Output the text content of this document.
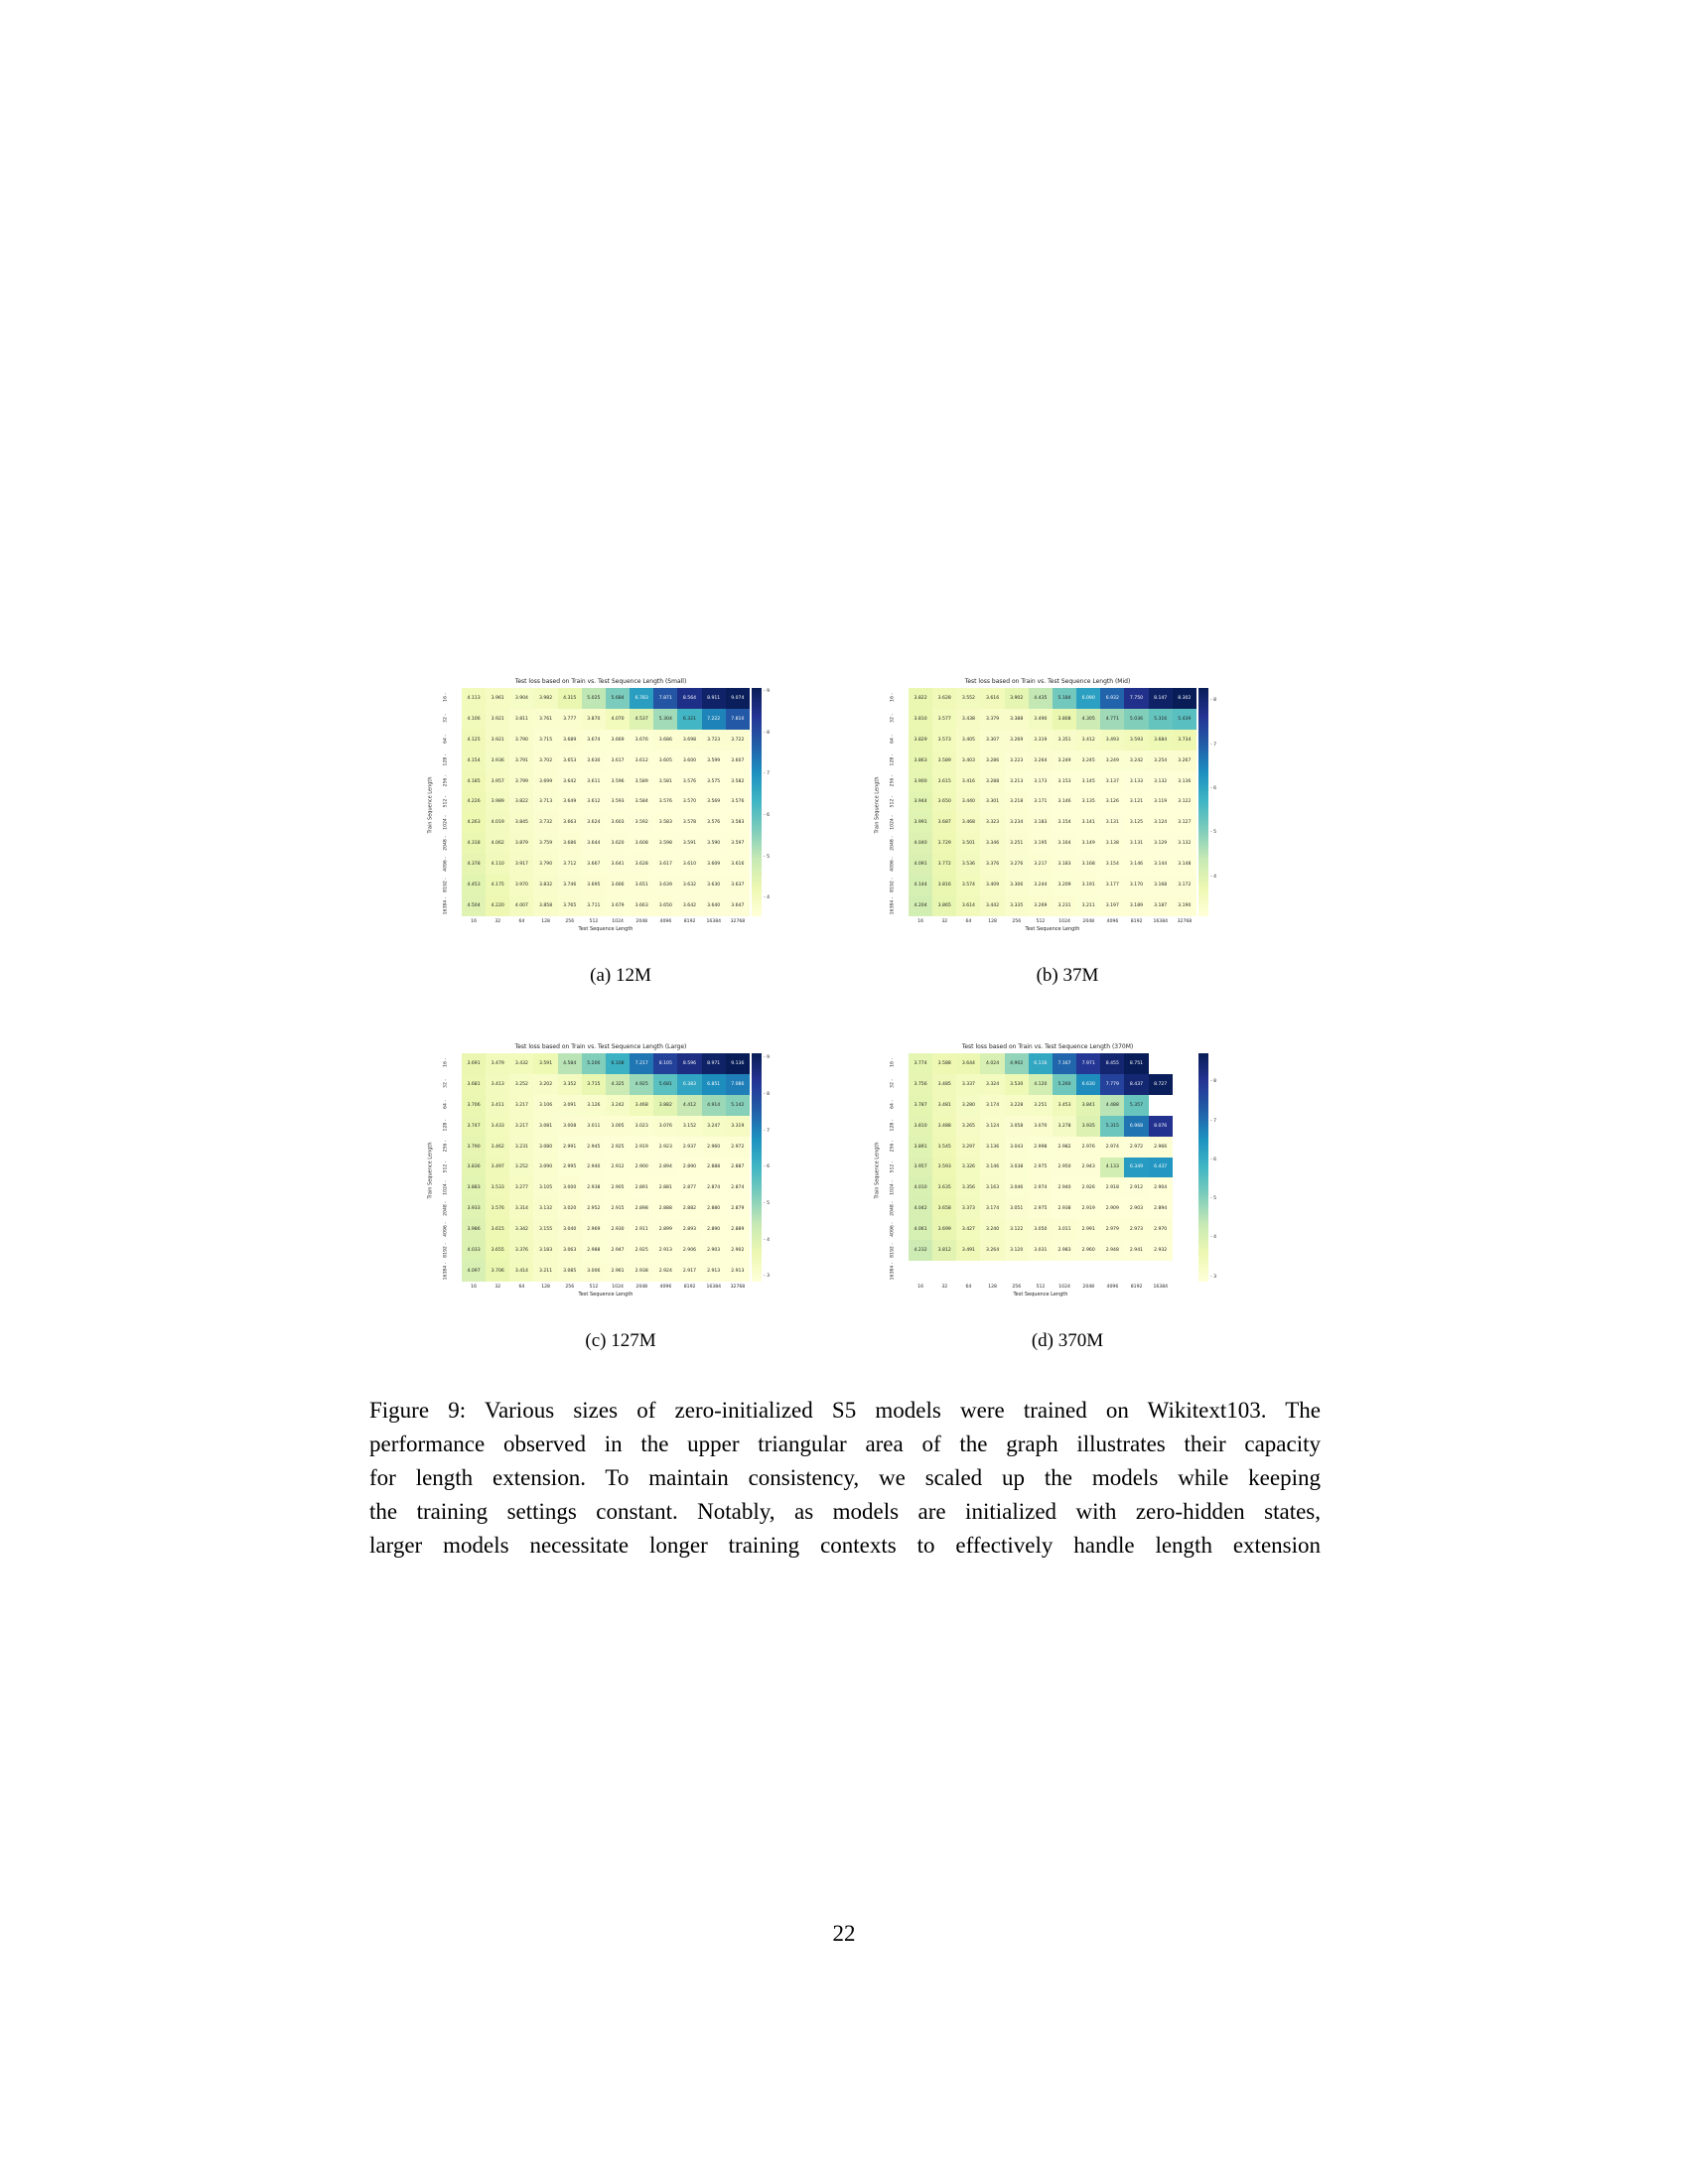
Test loss based on Train vs. Test Sequence Length (Small)
4.113	3.961	3.904	3.982	4.315	5.025	5.684	6.783	7.871	8.564	8.911	9.074
4.106	3.921	3.811	3.761	3.777	3.870	4.070	4.537	5.304	6.321	7.222	7.810
4.125	3.921	3.790	3.715	3.689	3.674	3.669	3.676	3.686	3.698	3.723	3.722
4.154	3.936	3.791	3.702	3.653	3.630	3.617	3.612	3.605	3.600	3.599	3.607
4.185	3.957	3.799	3.699	3.642	3.611	3.596	3.589	3.581	3.576	3.575	3.582
4.226	3.989	3.822	3.713	3.649	3.612	3.593	3.584	3.576	3.570	3.569	3.576
4.263	4.019	3.845	3.732	3.663	3.624	3.603	3.592	3.583	3.578	3.576	3.583
4.318	4.062	3.879	3.759	3.686	3.644	3.620	3.608	3.598	3.591	3.590	3.597
4.378	4.110	3.917	3.790	3.712	3.667	3.641	3.628	3.617	3.610	3.609	3.616
4.453	4.175	3.970	3.832	3.746	3.695	3.666	3.651	3.639	3.632	3.630	3.637
4.504	4.220	4.007	3.858	3.765	3.711	3.679	3.663	3.650	3.642	3.640	3.647
16 -
32 -
64 -
128 -
256 -
512 -
1024 -
2048 -
4096 -
8192 -
16384 -
16	32	64	128	256	512	1024	2048	4096	8192	16384	32768
Test Sequence Length
Train Sequence Length
- 4
- 5
- 6
- 7
- 8
- 9
Test loss based on Train vs. Test Sequence Length (Mid)
3.822	3.628	3.552	3.616	3.902	4.435	5.184	6.090	6.932	7.750	8.147	8.302
3.810	3.577	3.438	3.379	3.388	3.490	3.808	4.305	4.771	5.036	5.316	5.439
3.829	3.573	3.405	3.307	3.269	3.319	3.351	3.412	3.493	3.593	3.684	3.734
3.863	3.589	3.403	3.286	3.223	3.264	3.249	3.245	3.249	3.242	3.254	3.267
3.900	3.615	3.416	3.288	3.213	3.173	3.153	3.145	3.137	3.133	3.132	3.136
3.944	3.650	3.440	3.301	3.218	3.171	3.146	3.135	3.126	3.121	3.119	3.122
3.991	3.687	3.468	3.323	3.234	3.183	3.154	3.141	3.131	3.125	3.124	3.127
4.040	3.729	3.501	3.346	3.251	3.195	3.164	3.149	3.138	3.131	3.129	3.132
4.091	3.772	3.536	3.376	3.276	3.217	3.183	3.168	3.154	3.146	3.144	3.148
4.144	3.816	3.574	3.409	3.306	3.244	3.209	3.191	3.177	3.170	3.168	3.172
4.204	3.865	3.614	3.442	3.335	3.269	3.231	3.211	3.197	3.189	3.187	3.190
16 -
32 -
64 -
128 -
256 -
512 -
1024 -
2048 -
4096 -
8192 -
16384 -
16	32	64	128	256	512	1024	2048	4096	8192	16384	32768
Test Sequence Length
Train Sequence Length
- 4
- 5
- 6
- 7
- 8
Test loss based on Train vs. Test Sequence Length (Large)
3.691	3.479	3.432	3.591	4.584	5.200	6.108	7.217	8.105	8.596	8.971	9.136
3.681	3.413	3.252	3.202	3.352	3.715	4.325	4.925	5.681	6.383	6.851	7.086
3.706	3.411	3.217	3.106	3.091	3.126	3.242	3.468	3.882	4.412	4.914	5.142
3.747	3.433	3.217	3.081	3.008	3.011	3.005	3.023	3.076	3.152	3.247	3.319
3.790	3.462	3.231	3.080	2.991	2.945	2.925	2.919	2.923	2.937	2.960	2.972
3.836	3.497	3.252	3.090	2.995	2.940	2.912	2.900	2.894	2.890	2.888	2.887
3.883	3.533	3.277	3.105	3.000	2.938	2.905	2.891	2.881	2.877	2.874	2.874
3.933	3.576	3.314	3.132	3.020	2.952	2.915	2.898	2.888	2.882	2.880	2.879
3.986	3.615	3.342	3.155	3.040	2.969	2.930	2.911	2.899	2.893	2.890	2.889
4.033	3.655	3.376	3.183	3.063	2.988	2.947	2.925	2.913	2.906	2.903	2.902
4.097	3.706	3.414	3.211	3.085	3.006	2.961	2.938	2.924	2.917	2.913	2.913
16 -
32 -
64 -
128 -
256 -
512 -
1024 -
2048 -
4096 -
8192 -
16384 -
16	32	64	128	256	512	1024	2048	4096	8192	16384	32768
Test Sequence Length
Train Sequence Length
- 3
- 4
- 5
- 6
- 7
- 8
- 9
Test loss based on Train vs. Test Sequence Length (370M)
3.774	3.588	3.644	4.024	4.902	6.116	7.167	7.971	8.455	8.751
3.756	3.485	3.337	3.324	3.530	4.120	5.260	6.630	7.779	8.437	8.727
3.787	3.481	3.280	3.174	3.228	3.251	3.453	3.841	4.488	5.357
3.810	3.488	3.265	3.124	3.058	3.070	3.278	3.935	5.315	6.968	8.076
3.891	3.545	3.297	3.136	3.043	2.998	2.982	2.976	2.974	2.972	2.966
3.957	3.593	3.326	3.146	3.038	2.975	2.950	2.943	4.133	6.349	6.437
4.010	3.635	3.356	3.163	3.046	2.974	2.940	2.926	2.918	2.912	2.904
4.042	3.658	3.373	3.174	3.051	2.975	2.938	2.919	2.909	2.903	2.894
4.061	3.699	3.427	3.240	3.122	3.050	3.011	2.991	2.979	2.973	2.970
4.232	3.812	3.491	3.264	3.120	3.031	2.983	2.960	2.948	2.941	2.932
16 -
32 -
64 -
128 -
256 -
512 -
1024 -
2048 -
4096 -
8192 -
16384 -
16	32	64	128	256	512	1024	2048	4096	8192	16384
Test Sequence Length
Train Sequence Length
- 3
- 4
- 5
- 6
- 7
- 8
(a) 12M	(b) 37M
(c) 127M	(d) 370M
Figure 9: Various sizes of zero-initialized S5 models were trained on Wikitext103. The
performance observed in the upper triangular area of the graph illustrates their capacity
for length extension. To maintain consistency, we scaled up the models while keeping
the training settings constant. Notably, as models are initialized with zero-hidden states,
larger models necessitate longer training contexts to effectively handle length extension
22
